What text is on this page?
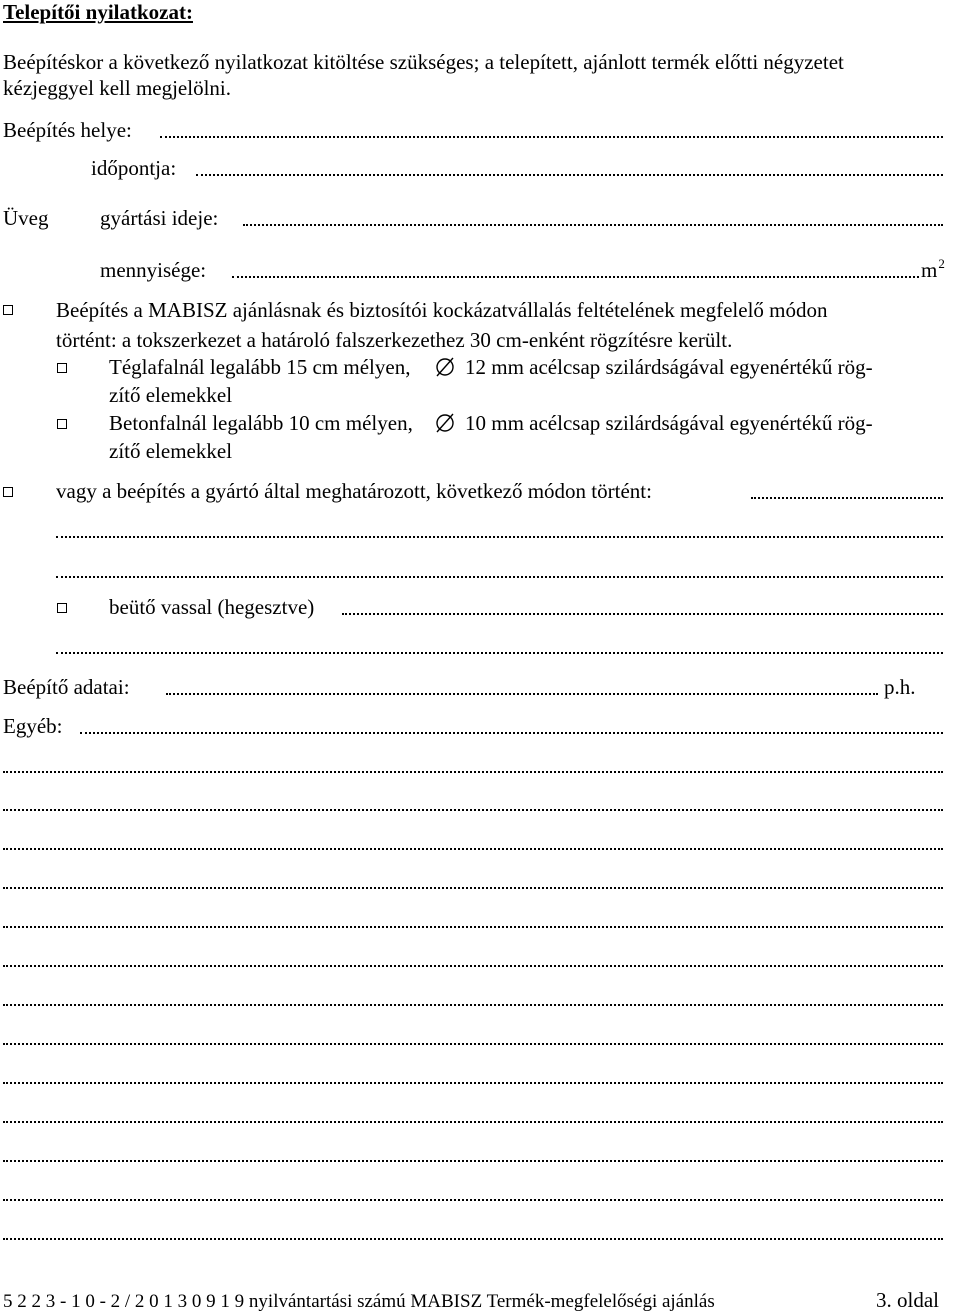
Telepítői nyilatkozat:
Beépítéskor a következő nyilatkozat kitöltése szükséges; a telepített, ajánlott termék előtti négyzetet
kézjeggyel kell megjelölni.
Beépítés helye:
időpontja:
Üveg gyártási ideje:
mennyisége:	$m^2$
Beépítés a MABISZ ajánlásnak és biztosítói kockázatvállalás feltételének megfelelő módon
történt: a tokszerkezet a határoló falszerkezethez 30 cm-enként rögzítésre került.
Téglafalnál legalább 15 cm mélyen,	12 mm acélcsap szilárdságával egyenértékű rög-
zítő elemekkel
Betonfalnál legalább 10 cm mélyen, 10 mm acélcsap szilárdságával egyenértékű rög-
zítő elemekkel
vagy a beépítés a gyártó által meghatározott, következő módon történt:
beütő vassal (hegesztve)
Beépítő adatai:	p.h.
Egyéb:
5 2 2 3 - 1 0 - 2 / 2 0 1 3 0 9 1 9 nyilvántartási számú MABISZ Termék-megfelelőségi ajánlás	3. oldal
